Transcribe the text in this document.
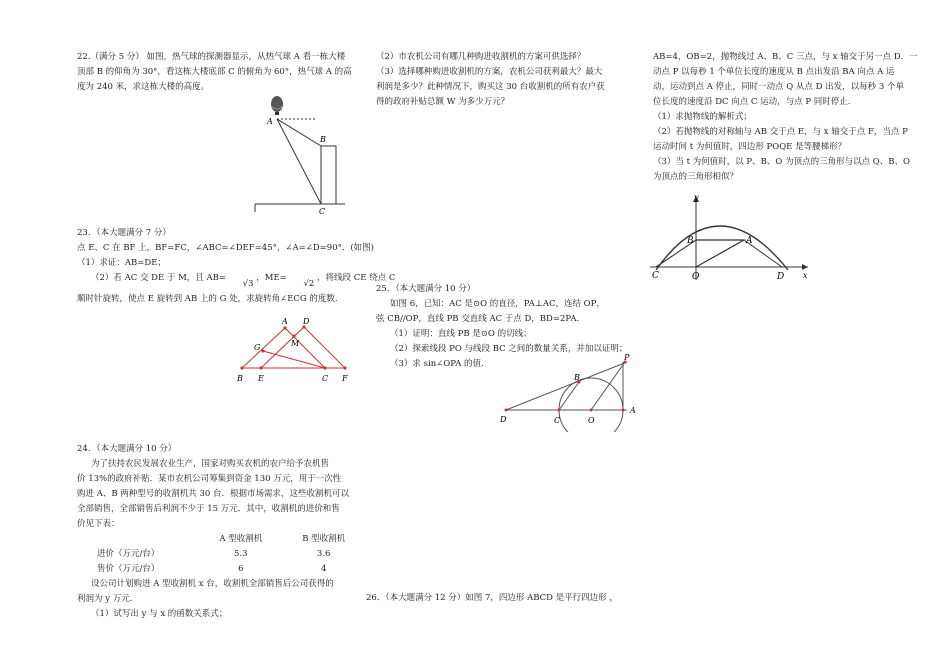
22.（满分 5 分） 如图，热气球的探测器显示，从热气球 A 看一栋大楼

顶部 B 的仰角为 30°，看这栋大楼底部 C 的俯角为 60°，热气球 A 的高

度为 240 米，求这栋大楼的高度。

A
B
C

23．（本大题满分 7 分）

点 E、C 在 BF 上，BF=FC，∠ABC=∠DEF=45°，∠A=∠D=90°．(如图)

（1）求证：AB=DE；

（2）若 AC 交 DE 于 M，且 AB= √3 ，ME= √2 ，将线段 CE 绕点 C

顺时针旋转，使点 E 旋转到 AB 上的 G 处，求旋转角∠ECG 的度数.

A D
G	M
B E	C F

24．（本大题满分 10 分）

为了扶持农民发展农业生产，国家对购买农机的农户给予农机售

价 13%的政府补贴．某市农机公司筹集到资金 130 万元，用于一次性

购进 A、B 两种型号的收割机共 30 台．根据市场需求，这些收割机可以

全部销售，全部销售后利润不少于 15 万元．其中，收割机的进价和售

价见下表：

	A 型收割机	B 型收割机
进价（万元/台）	5.3	3.6
售价（万元/台）	6	4

设公司计划购进 A 型收割机 x 台，收割机全部销售后公司获得的

利润为 y 万元.

（1）试写出 y 与 x 的函数关系式；

（2）市农机公司有哪几种购进收割机的方案可供选择？

（3）选择哪种购进收割机的方案，农机公司获利最大？最大

利润是多少？此种情况下，购买这 30 台收割机的所有农户获

得的政府补贴总额 W 为多少万元？

25．（本大题满分 10 分）

如图 6，已知：AC 是⊙O 的直径，PA⊥AC，连结 OP，

弦 CB//OP，直线 PB 交直线 AC 于点 D，BD=2PA.

（1）证明：直线 PB 是⊙O 的切线；

（2）探索线段 PO 与线段 BC 之间的数量关系，并加以证明；

（3）求 sin∠OPA 的值.

P
B
A
D	C	O

26．（本大题满分 12 分）如图 7，四边形 ABCD 是平行四边形 ，

AB=4，OB=2，抛物线过 A、B、C 三点，与 x 轴交于另一点 D．一

动点 P 以每秒 1 个单位长度的速度从 B 点出发沿 BA 向点 A 运

动，运动到点 A 停止，同时一动点 Q 从点 D 出发，以每秒 3 个单

位长度的速度沿 DC 向点 C 运动，与点 P 同时停止.

（1）求抛物线的解析式；

（2）若抛物线的对称轴与 AB 交于点 E，与 x 轴交于点 F，当点 P

运动时间 t 为何值时，四边形 POQE 是等腰梯形？

（3）当 t 为何值时，以 P、B、O 为顶点的三角形与以点 Q、B、O

为顶点的三角形相似？

y
x
B	A
C	O	D
